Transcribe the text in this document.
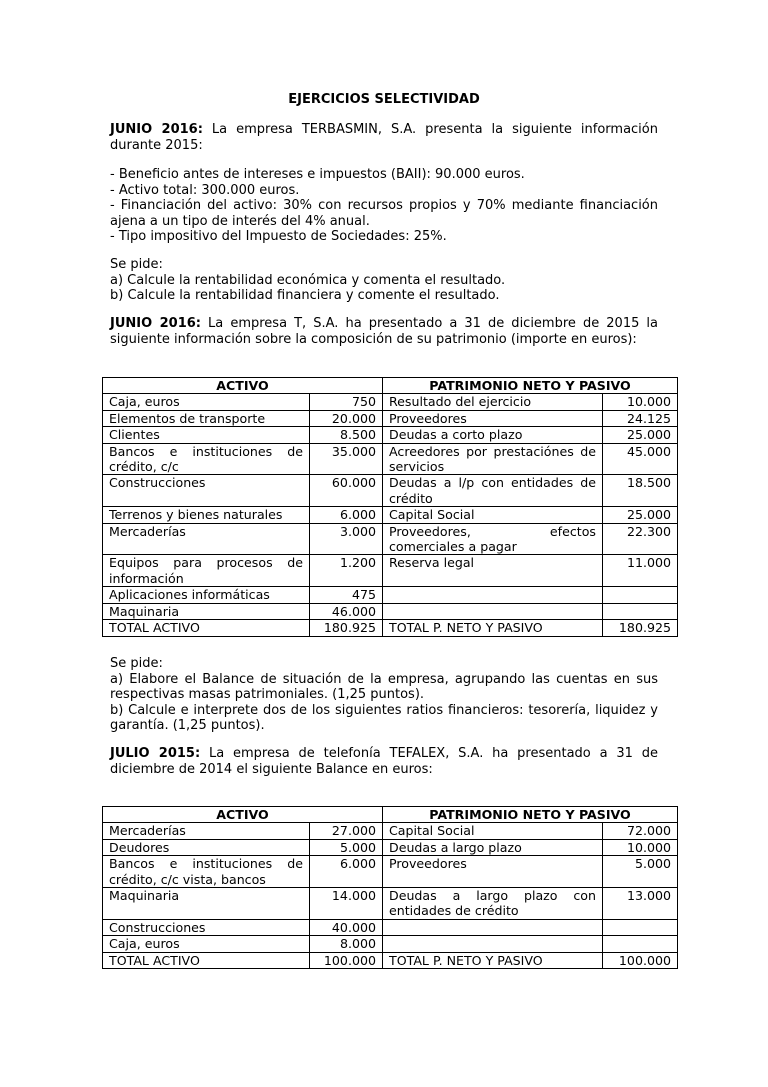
EJERCICIOS SELECTIVIDAD

JUNIO 2016: La empresa TERBASMIN, S.A. presenta la siguiente información durante 2015:

- Beneficio antes de intereses e impuestos (BAII): 90.000 euros.
- Activo total: 300.000 euros.
- Financiación del activo: 30% con recursos propios y 70% mediante financiación ajena a un tipo de interés del 4% anual.
- Tipo impositivo del Impuesto de Sociedades: 25%.
Se pide:
a) Calcule la rentabilidad económica y comenta el resultado.
b) Calcule la rentabilidad financiera y comente el resultado.

JUNIO 2016: La empresa T, S.A. ha presentado a 31 de diciembre de 2015 la siguiente información sobre la composición de su patrimonio (importe en euros):

ACTIVO		PATRIMONIO NETO Y PASIVO	
Caja, euros	750	Resultado del ejercicio	10.000
Elementos de transporte	20.000	Proveedores	24.125
Clientes	8.500	Deudas a corto plazo	25.000
Bancos e instituciones de crédito, c/c	35.000	Acreedores por prestaciónes de servicios	45.000
Construcciones	60.000	Deudas a l/p con entidades de crédito	18.500
Terrenos y bienes naturales	6.000	Capital Social	25.000
Mercaderías	3.000	Proveedores, efectos comerciales a pagar	22.300
Equipos para procesos de información	1.200	Reserva legal	11.000
Aplicaciones informáticas	475		
Maquinaria	46.000		
TOTAL ACTIVO	180.925	TOTAL P. NETO Y PASIVO	180.925
Se pide:
a) Elabore el Balance de situación de la empresa, agrupando las cuentas en sus respectivas masas patrimoniales. (1,25 puntos).
b) Calcule e interprete dos de los siguientes ratios financieros: tesorería, liquidez y garantía. (1,25 puntos).

JULIO 2015: La empresa de telefonía TEFALEX, S.A. ha presentado a 31 de diciembre de 2014 el siguiente Balance en euros:

ACTIVO		PATRIMONIO NETO Y PASIVO	
Mercaderías	27.000	Capital Social	72.000
Deudores	5.000	Deudas a largo plazo	10.000
Bancos e instituciones de crédito, c/c vista, bancos	6.000	Proveedores	5.000
Maquinaria	14.000	Deudas a largo plazo con entidades de crédito	13.000
Construcciones	40.000		
Caja, euros	8.000		
TOTAL ACTIVO	100.000	TOTAL P. NETO Y PASIVO	100.000
